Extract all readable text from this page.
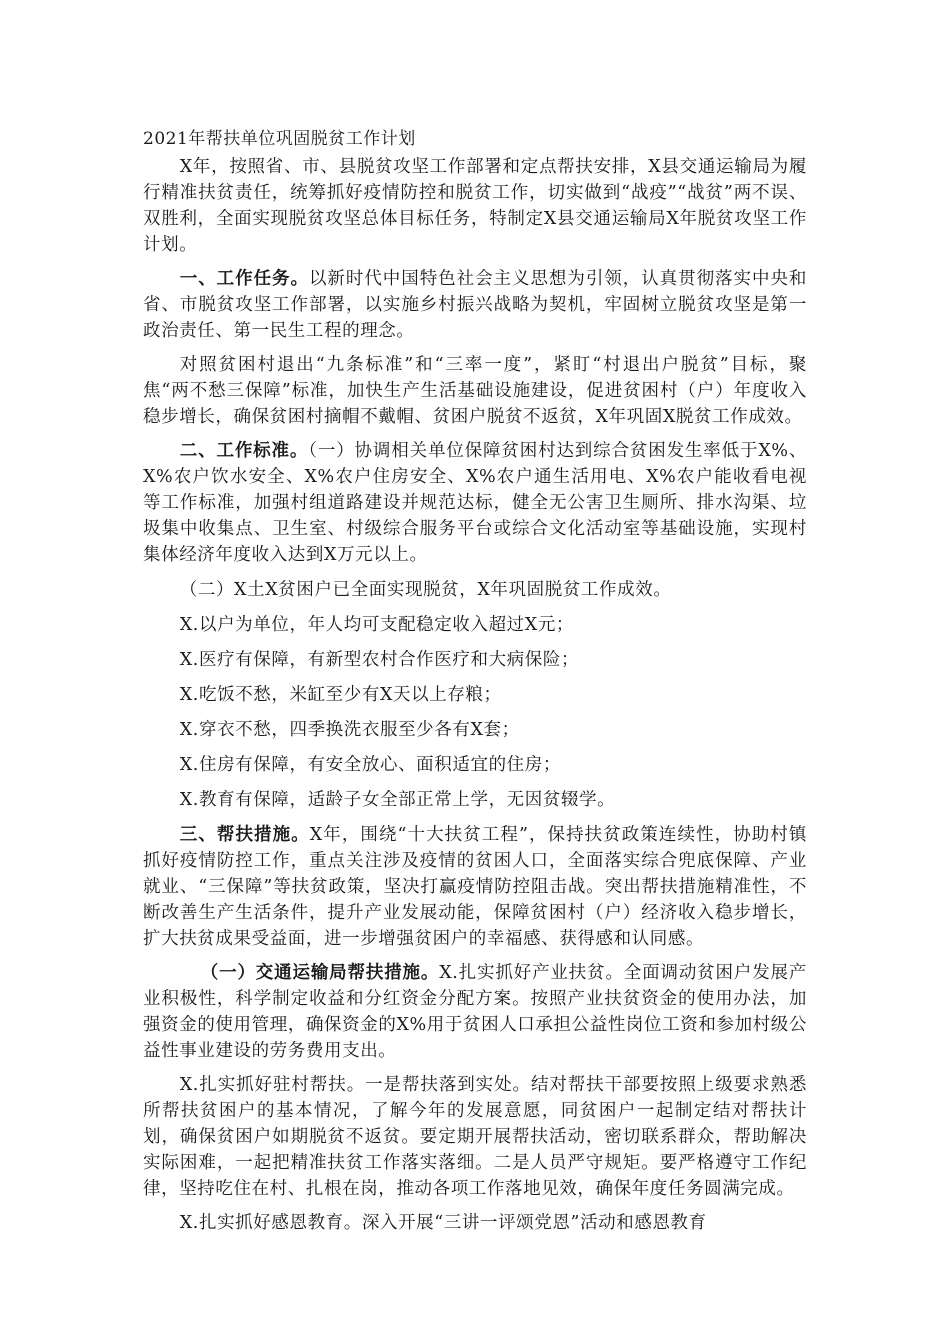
2021年帮扶单位巩固脱贫工作计划

X年，按照省、市、县脱贫攻坚工作部署和定点帮扶安排，X县交通运输局为履行精准扶贫责任，统筹抓好疫情防控和脱贫工作，切实做到“战疫”“战贫”两不误、双胜利，全面实现脱贫攻坚总体目标任务，特制定X县交通运输局X年脱贫攻坚工作计划。

一、工作任务。以新时代中国特色社会主义思想为引领，认真贯彻落实中央和省、市脱贫攻坚工作部署，以实施乡村振兴战略为契机，牢固树立脱贫攻坚是第一政治责任、第一民生工程的理念。

对照贫困村退出“九条标准”和“三率一度”，紧盯“村退出户脱贫”目标，聚焦“两不愁三保障”标准，加快生产生活基础设施建设，促进贫困村（户）年度收入稳步增长，确保贫困村摘帽不戴帽、贫困户脱贫不返贫，X年巩固X脱贫工作成效。

二、工作标准。（一）协调相关单位保障贫困村达到综合贫困发生率低于X%、X%农户饮水安全、X%农户住房安全、X%农户通生活用电、X%农户能收看电视等工作标准，加强村组道路建设并规范达标，健全无公害卫生厕所、排水沟渠、垃圾集中收集点、卫生室、村级综合服务平台或综合文化活动室等基础设施，实现村集体经济年度收入达到X万元以上。

（二）X土X贫困户已全面实现脱贫，X年巩固脱贫工作成效。
X.以户为单位，年人均可支配稳定收入超过X元；
X.医疗有保障，有新型农村合作医疗和大病保险；
X.吃饭不愁，米缸至少有X天以上存粮；
X.穿衣不愁，四季换洗衣服至少各有X套；
X.住房有保障，有安全放心、面积适宜的住房；
X.教育有保障，适龄子女全部正常上学，无因贫辍学。

三、帮扶措施。X年，围绕“十大扶贫工程”，保持扶贫政策连续性，协助村镇抓好疫情防控工作，重点关注涉及疫情的贫困人口，全面落实综合兜底保障、产业就业、“三保障”等扶贫政策，坚决打赢疫情防控阻击战。突出帮扶措施精准性，不断改善生产生活条件，提升产业发展动能，保障贫困村（户）经济收入稳步增长，扩大扶贫成果受益面，进一步增强贫困户的幸福感、获得感和认同感。

（一）交通运输局帮扶措施。X.扎实抓好产业扶贫。全面调动贫困户发展产业积极性，科学制定收益和分红资金分配方案。按照产业扶贫资金的使用办法，加强资金的使用管理，确保资金的X%用于贫困人口承担公益性岗位工资和参加村级公益性事业建设的劳务费用支出。

X.扎实抓好驻村帮扶。一是帮扶落到实处。结对帮扶干部要按照上级要求熟悉所帮扶贫困户的基本情况，了解今年的发展意愿，同贫困户一起制定结对帮扶计划，确保贫困户如期脱贫不返贫。要定期开展帮扶活动，密切联系群众，帮助解决实际困难，一起把精准扶贫工作落实落细。二是人员严守规矩。要严格遵守工作纪律，坚持吃住在村、扎根在岗，推动各项工作落地见效，确保年度任务圆满完成。

X.扎实抓好感恩教育。深入开展“三讲一评颂党恩”活动和感恩教育
